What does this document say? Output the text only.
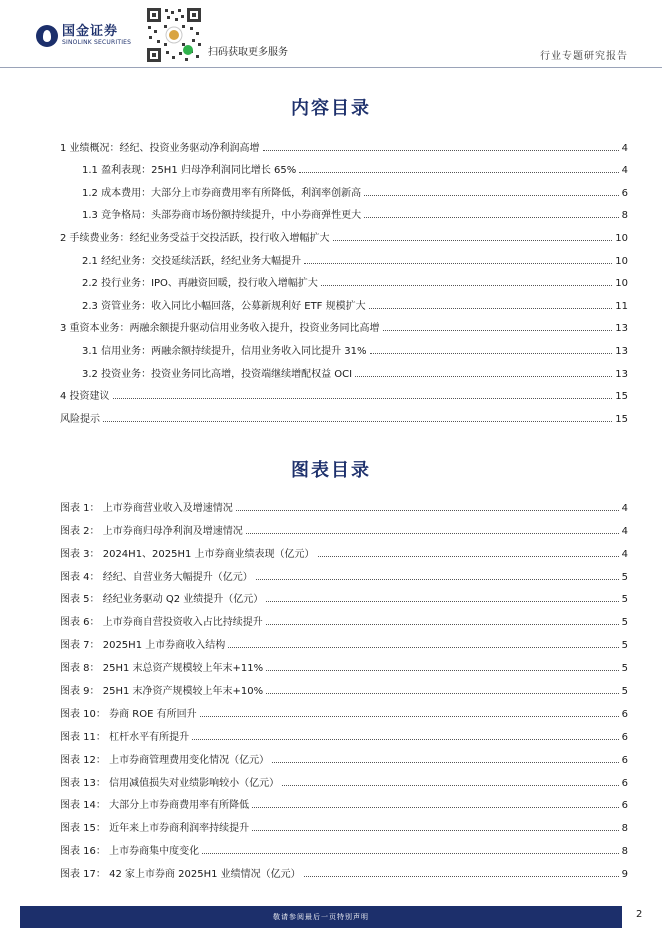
国金证券
SINOLINK SECURITIES
扫码获取更多服务	行业专题研究报告
内容目录
1 业绩概况：经纪、投资业务驱动净利润高增	4
1.1 盈利表现：25H1 归母净利润同比增长 65%	4
1.2 成本费用：大部分上市券商费用率有所降低，利润率创新高	6
1.3 竞争格局：头部券商市场份额持续提升，中小券商弹性更大	8
2 手续费业务：经纪业务受益于交投活跃，投行收入增幅扩大	10
2.1 经纪业务：交投延续活跃，经纪业务大幅提升	10
2.2 投行业务：IPO、再融资回暖，投行收入增幅扩大	10
2.3 资管业务：收入同比小幅回落，公募新规利好 ETF 规模扩大	11
3 重资本业务：两融余额提升驱动信用业务收入提升，投资业务同比高增	13
3.1 信用业务：两融余额持续提升，信用业务收入同比提升 31%	13
3.2 投资业务：投资业务同比高增，投资端继续增配权益 OCI	13
4 投资建议	15
风险提示	15
图表目录
图表 1： 上市券商营业收入及增速情况	4
图表 2： 上市券商归母净利润及增速情况	4
图表 3： 2024H1、2025H1 上市券商业绩表现（亿元）	4
图表 4： 经纪、自营业务大幅提升（亿元）	5
图表 5： 经纪业务驱动 Q2 业绩提升（亿元）	5
图表 6： 上市券商自营投资收入占比持续提升	5
图表 7： 2025H1 上市券商收入结构	5
图表 8： 25H1 末总资产规模较上年末+11%	5
图表 9： 25H1 末净资产规模较上年末+10%	5
图表 10： 券商 ROE 有所回升	6
图表 11： 杠杆水平有所提升	6
图表 12： 上市券商管理费用变化情况（亿元）	6
图表 13： 信用减值损失对业绩影响较小（亿元）	6
图表 14： 大部分上市券商费用率有所降低	6
图表 15： 近年来上市券商利润率持续提升	8
图表 16： 上市券商集中度变化	8
图表 17： 42 家上市券商 2025H1 业绩情况（亿元）	9
敬请参阅最后一页特别声明	2
